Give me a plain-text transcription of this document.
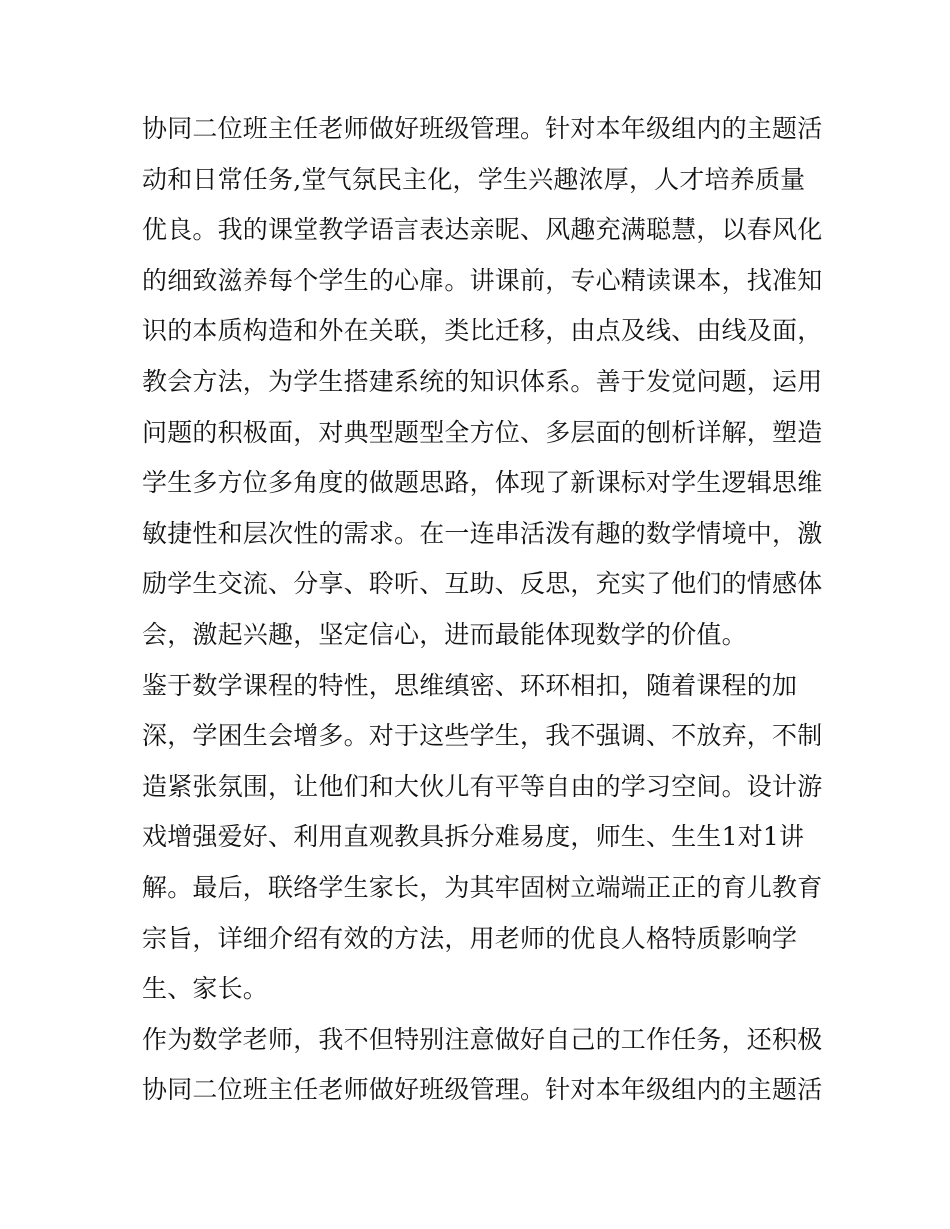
协同二位班主任老师做好班级管理。针对本年级组内的主题活
动和日常任务,堂气氛民主化，学生兴趣浓厚，人才培养质量
优良。我的课堂教学语言表达亲昵、风趣充满聪慧，以春风化
的细致滋养每个学生的心扉。讲课前，专心精读课本，找准知
识的本质构造和外在关联，类比迁移，由点及线、由线及面，
教会方法，为学生搭建系统的知识体系。善于发觉问题，运用
问题的积极面，对典型题型全方位、多层面的刨析详解，塑造
学生多方位多角度的做题思路，体现了新课标对学生逻辑思维
敏捷性和层次性的需求。在一连串活泼有趣的数学情境中，激
励学生交流、分享、聆听、互助、反思，充实了他们的情感体
会，激起兴趣，坚定信心，进而最能体现数学的价值。
鉴于数学课程的特性，思维缜密、环环相扣，随着课程的加
深，学困生会增多。对于这些学生，我不强调、不放弃，不制
造紧张氛围，让他们和大伙儿有平等自由的学习空间。设计游
戏增强爱好、利用直观教具拆分难易度，师生、生生1对1讲
解。最后，联络学生家长，为其牢固树立端端正正的育儿教育
宗旨，详细介绍有效的方法，用老师的优良人格特质影响学
生、家长。
作为数学老师，我不但特别注意做好自己的工作任务，还积极
协同二位班主任老师做好班级管理。针对本年级组内的主题活
